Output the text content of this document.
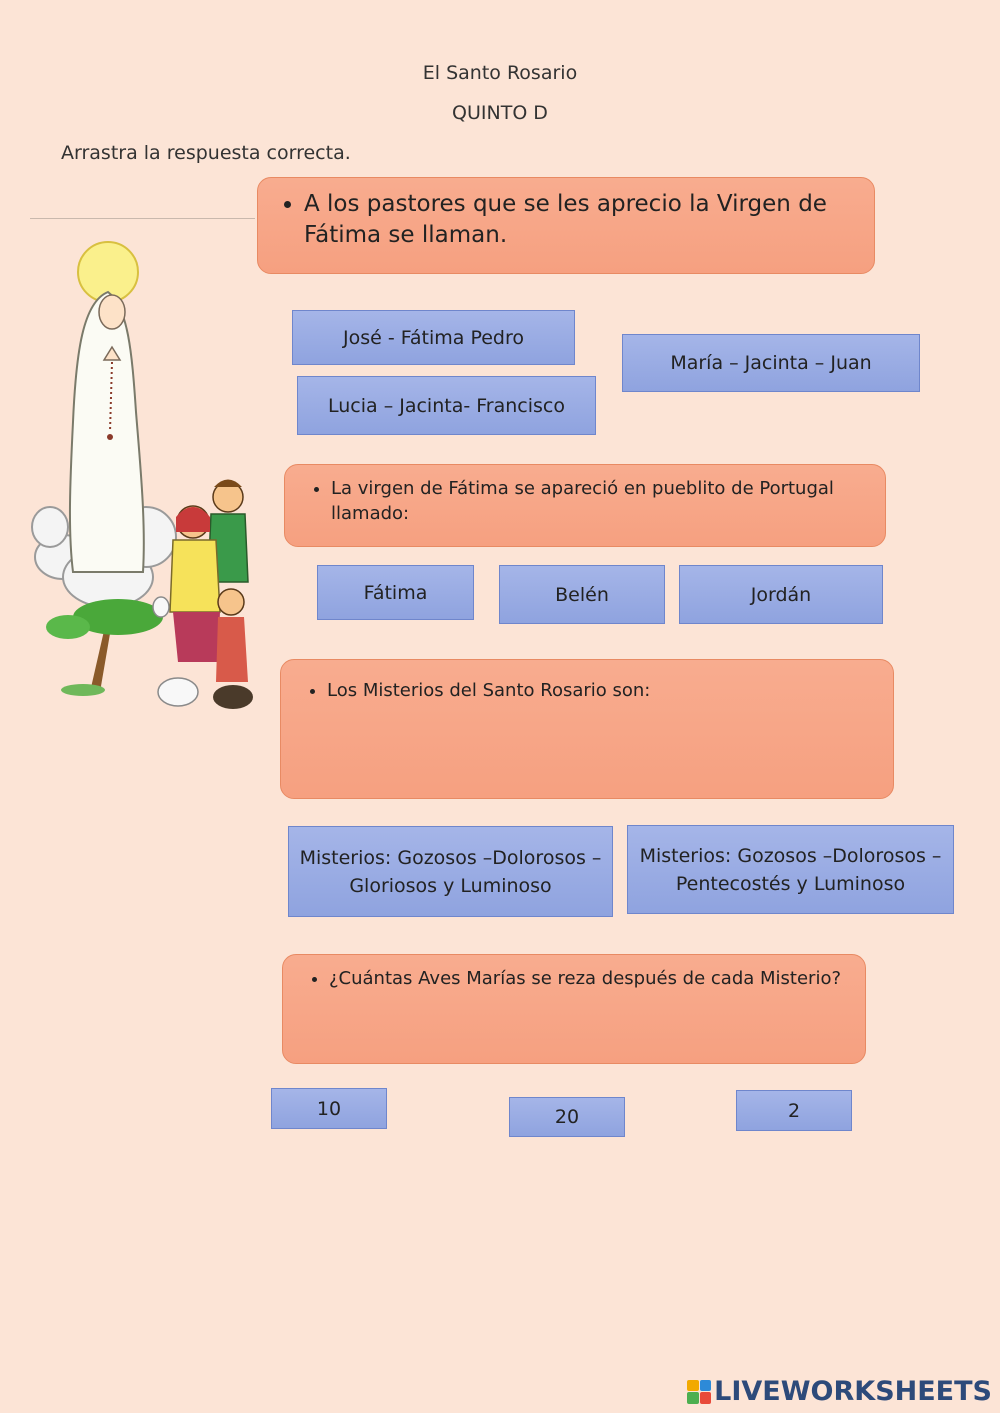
El Santo Rosario
QUINTO D
Arrastra la respuesta correcta.
• A los pastores que se les aprecio la Virgen de Fátima se llaman.
José - Fátima Pedro
María – Jacinta – Juan
Lucia – Jacinta- Francisco
• La virgen de Fátima se apareció en pueblito de Portugal llamado:
Fátima	Belén	Jordán
• Los Misterios del Santo Rosario son:
Misterios: Gozosos –Dolorosos – Gloriosos y Luminoso
Misterios: Gozosos –Dolorosos – Pentecostés y Luminoso
• ¿Cuántas Aves Marías se reza después de cada Misterio?
10	20	2
LIVEWORKSHEETS
